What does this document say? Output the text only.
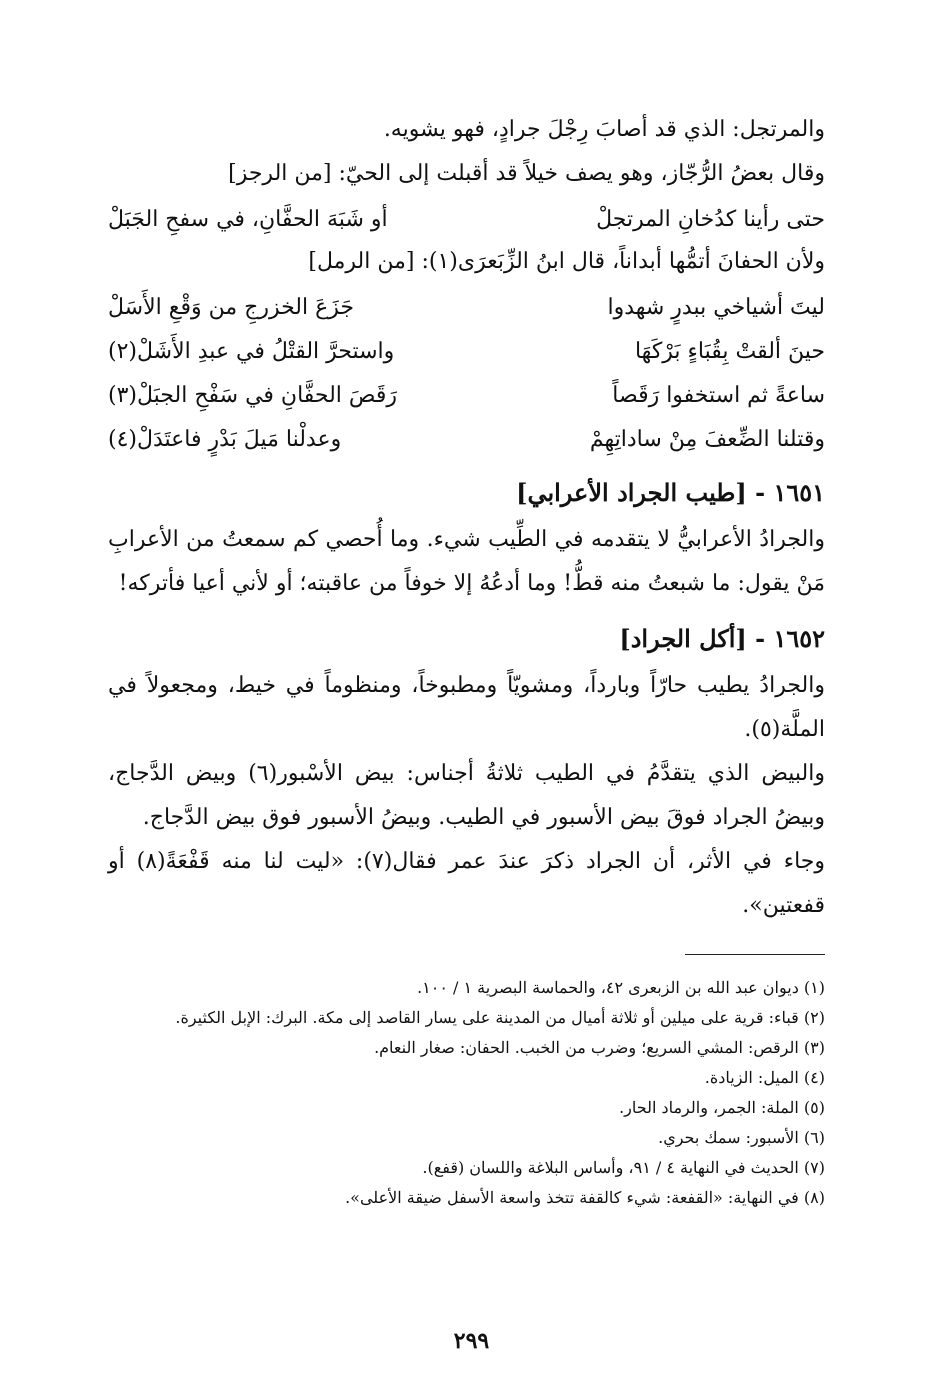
والمرتجل: الذي قد أصابَ رِجْلَ جرادٍ، فهو يشويه.

وقال بعضُ الرُّجّاز، وهو يصف خيلاً قد أقبلت إلى الحيّ: [من الرجز]

حتى رأينا كدُخانِ المرتجلْ
أو شَبَهَ الحفَّانِ، في سفحِ الجَبَلْ

ولأن الحفانَ أتمُّها أبداناً، قال ابنُ الزِّبَعرَى(١): [من الرمل]

ليتَ أشياخي ببدرٍ شهدوا
جَزَعَ الخزرجِ من وَقْعِ الأَسَلْ
حينَ ألقتْ بِقُبَاءٍ بَرْكَهَا
واستحرَّ القتْلُ في عبدِ الأَشَلْ(٢)
ساعةً ثم استخفوا رَقَصاً
رَقَصَ الحفَّانِ في سَفْحِ الجبَلْ(٣)
وقتلنا الضِّعفَ مِنْ ساداتِهِمْ
وعدلْنا مَيلَ بَدْرٍ فاعتَدَلْ(٤)
١٦٥١ - [طيب الجراد الأعرابي]

والجرادُ الأعرابيُّ لا يتقدمه في الطِّيب شيء. وما أُحصي كم سمعتُ من الأعرابِ مَنْ يقول: ما شبعتُ منه قطُّ! وما أدعُهُ إلا خوفاً من عاقبته؛ أو لأني أعيا فأتركه!

١٦٥٢ - [أكل الجراد]

والجرادُ يطيب حارّاً وبارداً، ومشويّاً ومطبوخاً، ومنظوماً في خيط، ومجعولاً في الملَّة(٥).

والبيض الذي يتقدَّمُ في الطيب ثلاثةُ أجناس: بيض الأسْبور(٦) وبيض الدَّجاج، وبيضُ الجراد فوقَ بيض الأسبور في الطيب. وبيضُ الأسبور فوق بيض الدَّجاج.

وجاء في الأثر، أن الجراد ذكرَ عندَ عمر فقال(٧): «ليت لنا منه قَفْعَةً(٨) أو قفعتين».

(١) ديوان عبد الله بن الزبعرى ٤٢، والحماسة البصرية ١ / ١٠٠.

(٢) قباء: قرية على ميلين أو ثلاثة أميال من المدينة على يسار القاصد إلى مكة. البرك: الإبل الكثيرة.

(٣) الرقص: المشي السريع؛ وضرب من الخبب. الحفان: صغار النعام.

(٤) الميل: الزيادة.

(٥) الملة: الجمر، والرماد الحار.

(٦) الأسبور: سمك بحري.

(٧) الحديث في النهاية ٤ / ٩١، وأساس البلاغة واللسان (قفع).

(٨) في النهاية: «القفعة: شيء كالقفة تتخذ واسعة الأسفل ضيقة الأعلى».

٢٩٩
